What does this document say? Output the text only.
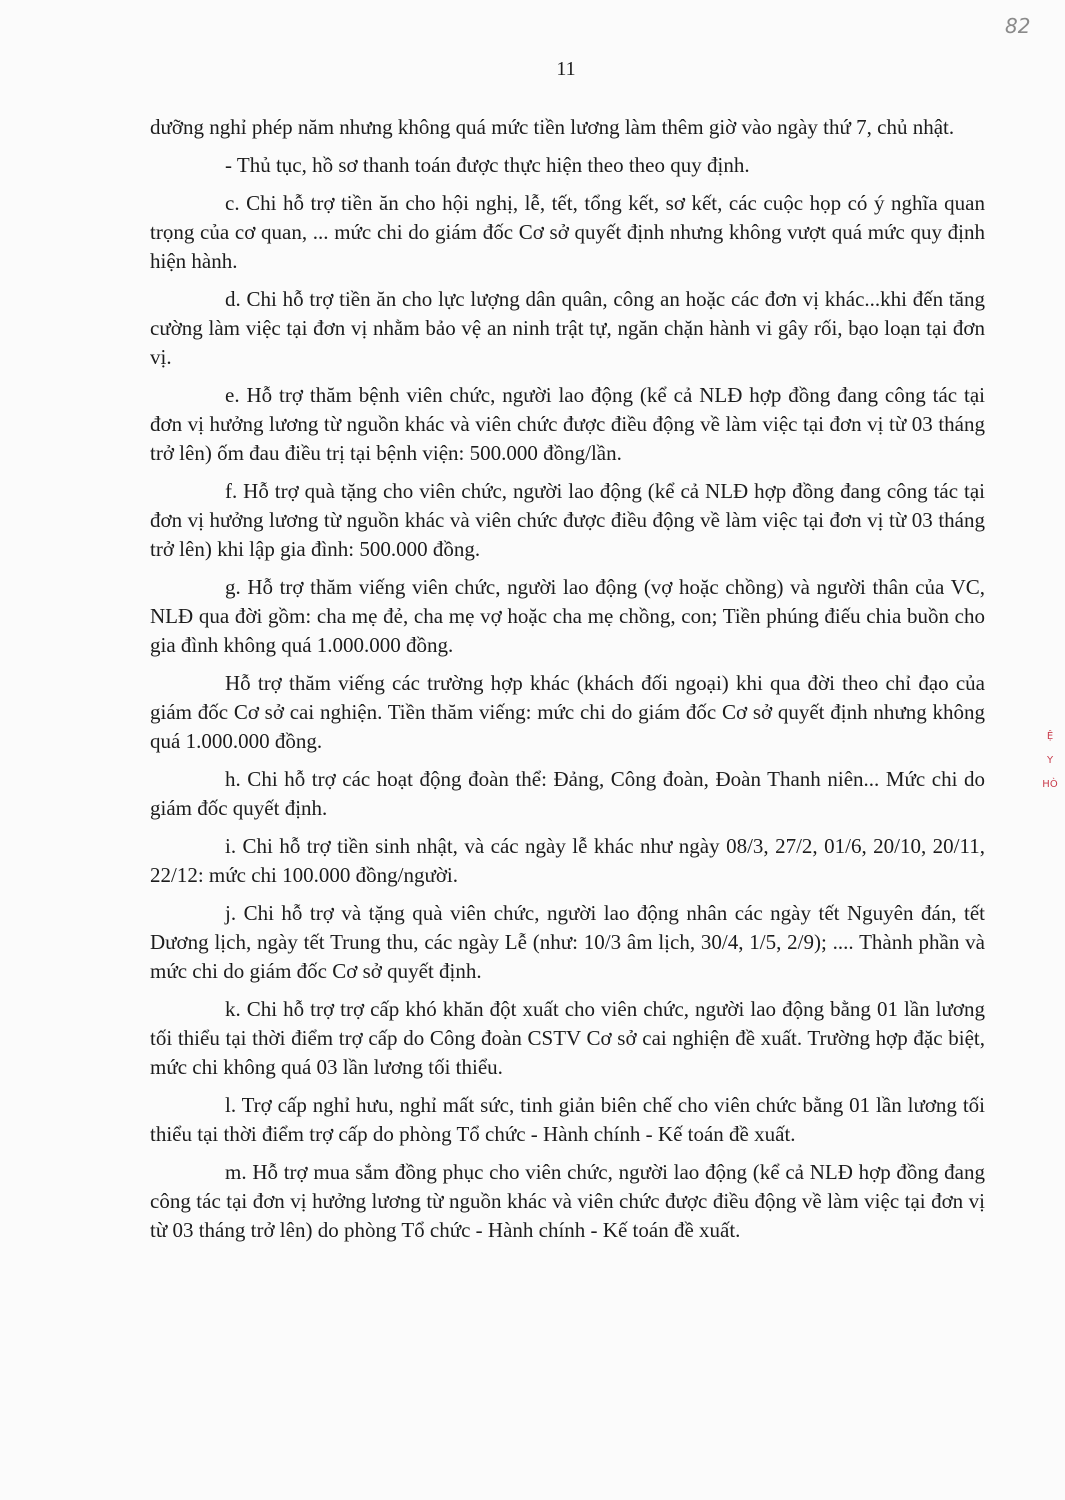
82
11

dưỡng nghỉ phép năm nhưng không quá mức tiền lương làm thêm giờ vào ngày thứ 7, chủ nhật.

- Thủ tục, hồ sơ thanh toán được thực hiện theo theo quy định.

c. Chi hỗ trợ tiền ăn cho hội nghị, lễ, tết, tổng kết, sơ kết, các cuộc họp có ý nghĩa quan trọng của cơ quan, ... mức chi do giám đốc Cơ sở quyết định nhưng không vượt quá mức quy định hiện hành.

d. Chi hỗ trợ tiền ăn cho lực lượng dân quân, công an hoặc các đơn vị khác...khi đến tăng cường làm việc tại đơn vị nhằm bảo vệ an ninh trật tự, ngăn chặn hành vi gây rối, bạo loạn tại đơn vị.

e. Hỗ trợ thăm bệnh viên chức, người lao động (kể cả NLĐ hợp đồng đang công tác tại đơn vị hưởng lương từ nguồn khác và viên chức được điều động về làm việc tại đơn vị từ 03 tháng trở lên) ốm đau điều trị tại bệnh viện: 500.000 đồng/lần.

f. Hỗ trợ quà tặng cho viên chức, người lao động (kể cả NLĐ hợp đồng đang công tác tại đơn vị hưởng lương từ nguồn khác và viên chức được điều động về làm việc tại đơn vị từ 03 tháng trở lên) khi lập gia đình: 500.000 đồng.

g. Hỗ trợ thăm viếng viên chức, người lao động (vợ hoặc chồng) và người thân của VC, NLĐ qua đời gồm: cha mẹ đẻ, cha mẹ vợ hoặc cha mẹ chồng, con; Tiền phúng điếu chia buồn cho gia đình không quá 1.000.000 đồng.

Hỗ trợ thăm viếng các trường hợp khác (khách đối ngoại) khi qua đời theo chỉ đạo của giám đốc Cơ sở cai nghiện. Tiền thăm viếng: mức chi do giám đốc Cơ sở quyết định nhưng không quá 1.000.000 đồng.

h. Chi hỗ trợ các hoạt động đoàn thể: Đảng, Công đoàn, Đoàn Thanh niên... Mức chi do giám đốc quyết định.

i. Chi hỗ trợ tiền sinh nhật, và các ngày lễ khác như ngày 08/3, 27/2, 01/6, 20/10, 20/11, 22/12: mức chi 100.000 đồng/người.

j. Chi hỗ trợ và tặng quà viên chức, người lao động nhân các ngày tết Nguyên đán, tết Dương lịch, ngày tết Trung thu, các ngày Lễ (như: 10/3 âm lịch, 30/4, 1/5, 2/9); .... Thành phần và mức chi do giám đốc Cơ sở quyết định.

k. Chi hỗ trợ trợ cấp khó khăn đột xuất cho viên chức, người lao động bằng 01 lần lương tối thiểu tại thời điểm trợ cấp do Công đoàn CSTV Cơ sở cai nghiện đề xuất. Trường hợp đặc biệt, mức chi không quá 03 lần lương tối thiểu.

l. Trợ cấp nghỉ hưu, nghỉ mất sức, tinh giản biên chế cho viên chức bằng 01 lần lương tối thiểu tại thời điểm trợ cấp do phòng Tổ chức - Hành chính - Kế toán đề xuất.

m. Hỗ trợ mua sắm đồng phục cho viên chức, người lao động (kể cả NLĐ hợp đồng đang công tác tại đơn vị hưởng lương từ nguồn khác và viên chức được điều động về làm việc tại đơn vị từ 03 tháng trở lên) do phòng Tổ chức - Hành chính - Kế toán đề xuất.

Ệ
Y
HÒ
